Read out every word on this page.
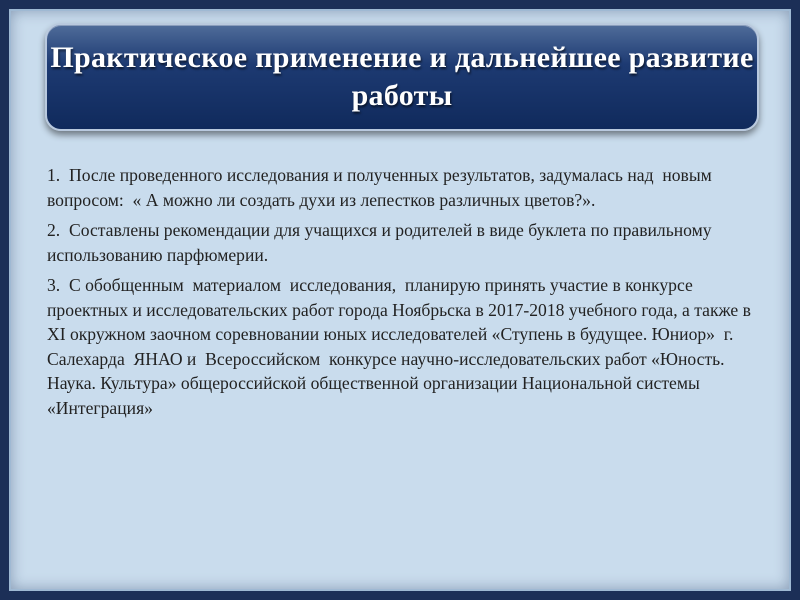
Практическое применение и дальнейшее развитие работы

1.  После проведенного исследования и полученных результатов, задумалась над  новым вопросом:  « А можно ли создать духи из лепестков различных цветов?».

2.  Составлены рекомендации для учащихся и родителей в виде буклета по правильному использованию парфюмерии.

3.  С обобщенным  материалом  исследования,  планирую принять участие в конкурсе проектных и исследовательских работ города Ноябрьска в 2017-2018 учебного года, а также в   XI окружном заочном соревновании юных исследователей «Ступень в будущее. Юниор»  г. Салехарда  ЯНАО и  Всероссийском  конкурсе научно-исследовательских работ «Юность. Наука. Культура» общероссийской общественной организации Национальной системы «Интеграция»
